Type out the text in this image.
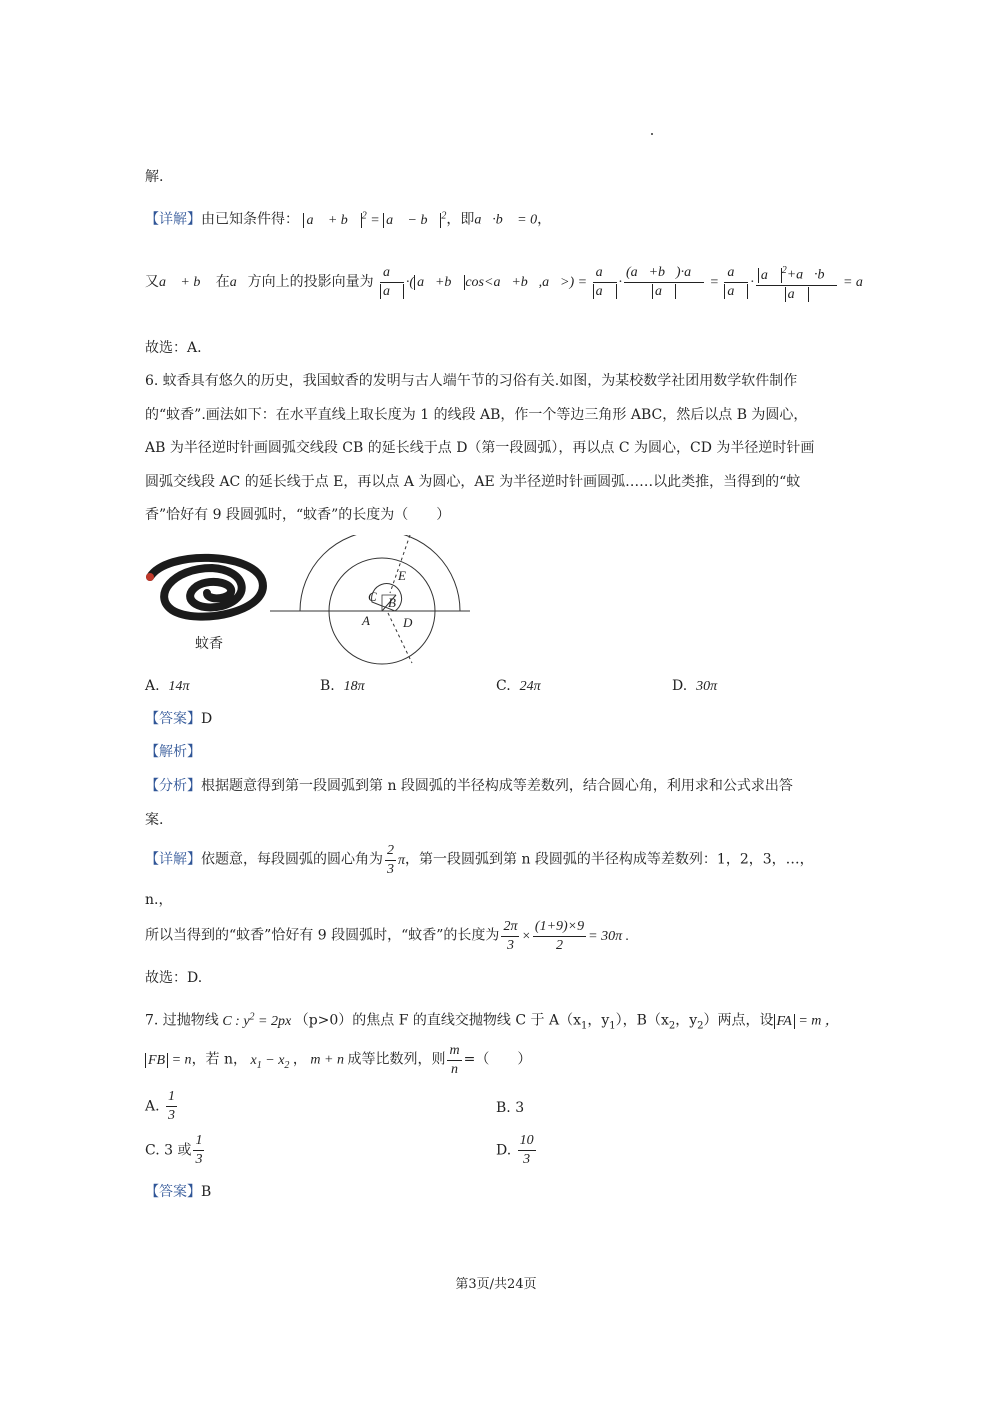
解.
【详解】由已知条件得： a⃗ + b⃗ $^2$ = a⃗ − b⃗ $^2$，即a⃗·b⃗ = 0，
又a⃗ + b⃗ 在a⃗方向上的投影向量为 $\frac{a⃗}{a⃗}$ ·( a⃗+b⃗ cos<a⃗+b⃗,a⃗>) = $\frac{a⃗}{a⃗} \cdot \frac{(a⃗+b⃗)\cdot a⃗}{a⃗} = \frac{a⃗}{a⃗} \cdot \frac{a⃗ ^2+a⃗\cdot b⃗}{a⃗}$ = a⃗ ，
故选：A.
6. 蚊香具有悠久的历史，我国蚊香的发明与古人端午节的习俗有关.如图，为某校数学社团用数学软件制作
的“蚊香”.画法如下：在水平直线上取长度为 1 的线段 AB，作一个等边三角形 ABC，然后以点 B 为圆心，
AB 为半径逆时针画圆弧交线段 CB 的延长线于点 D（第一段圆弧），再以点 C 为圆心，CD 为半径逆时针画
圆弧交线段 AC 的延长线于点 E，再以点 A 为圆心，AE 为半径逆时针画圆弧……以此类推，当得到的“蚊
香”恰好有 9 段圆弧时，“蚊香”的长度为（　　）
蚊香
E
C B
A	D
A. 14π	B. 18π	C. 24π	D. 30π
【答案】D
【解析】
【分析】根据题意得到第一段圆弧到第 n 段圆弧的半径构成等差数列，结合圆心角，利用求和公式求出答
案.
【详解】依题意，每段圆弧的圆心角为 $\frac{2}{3}$ π，第一段圆弧到第 n 段圆弧的半径构成等差数列：1，2，3，…，
n.，
所以当得到的“蚊香”恰好有 9 段圆弧时，“蚊香”的长度为 $\frac{2\pi}{3} \times \frac{(1+9)\times 9}{2} = 30\pi$ .
故选：D.
7. 过抛物线 C : $y^2 = 2px$ （p>0）的焦点 F 的直线交抛物线 C 于 $A(x_1$，$y_1$），$B(x_2$，$y_2$）两点，设 FA = m ，
FB = n，若 n， $x_1 - x_2$ ， m + n 成等比数列，则 $\frac{m}{n}$ =（　　）
A. $\frac{1}{3}$	B. 3
C. 3 或 $\frac{1}{3}$	D. $\frac{10}{3}$
【答案】B
第3页/共24页
